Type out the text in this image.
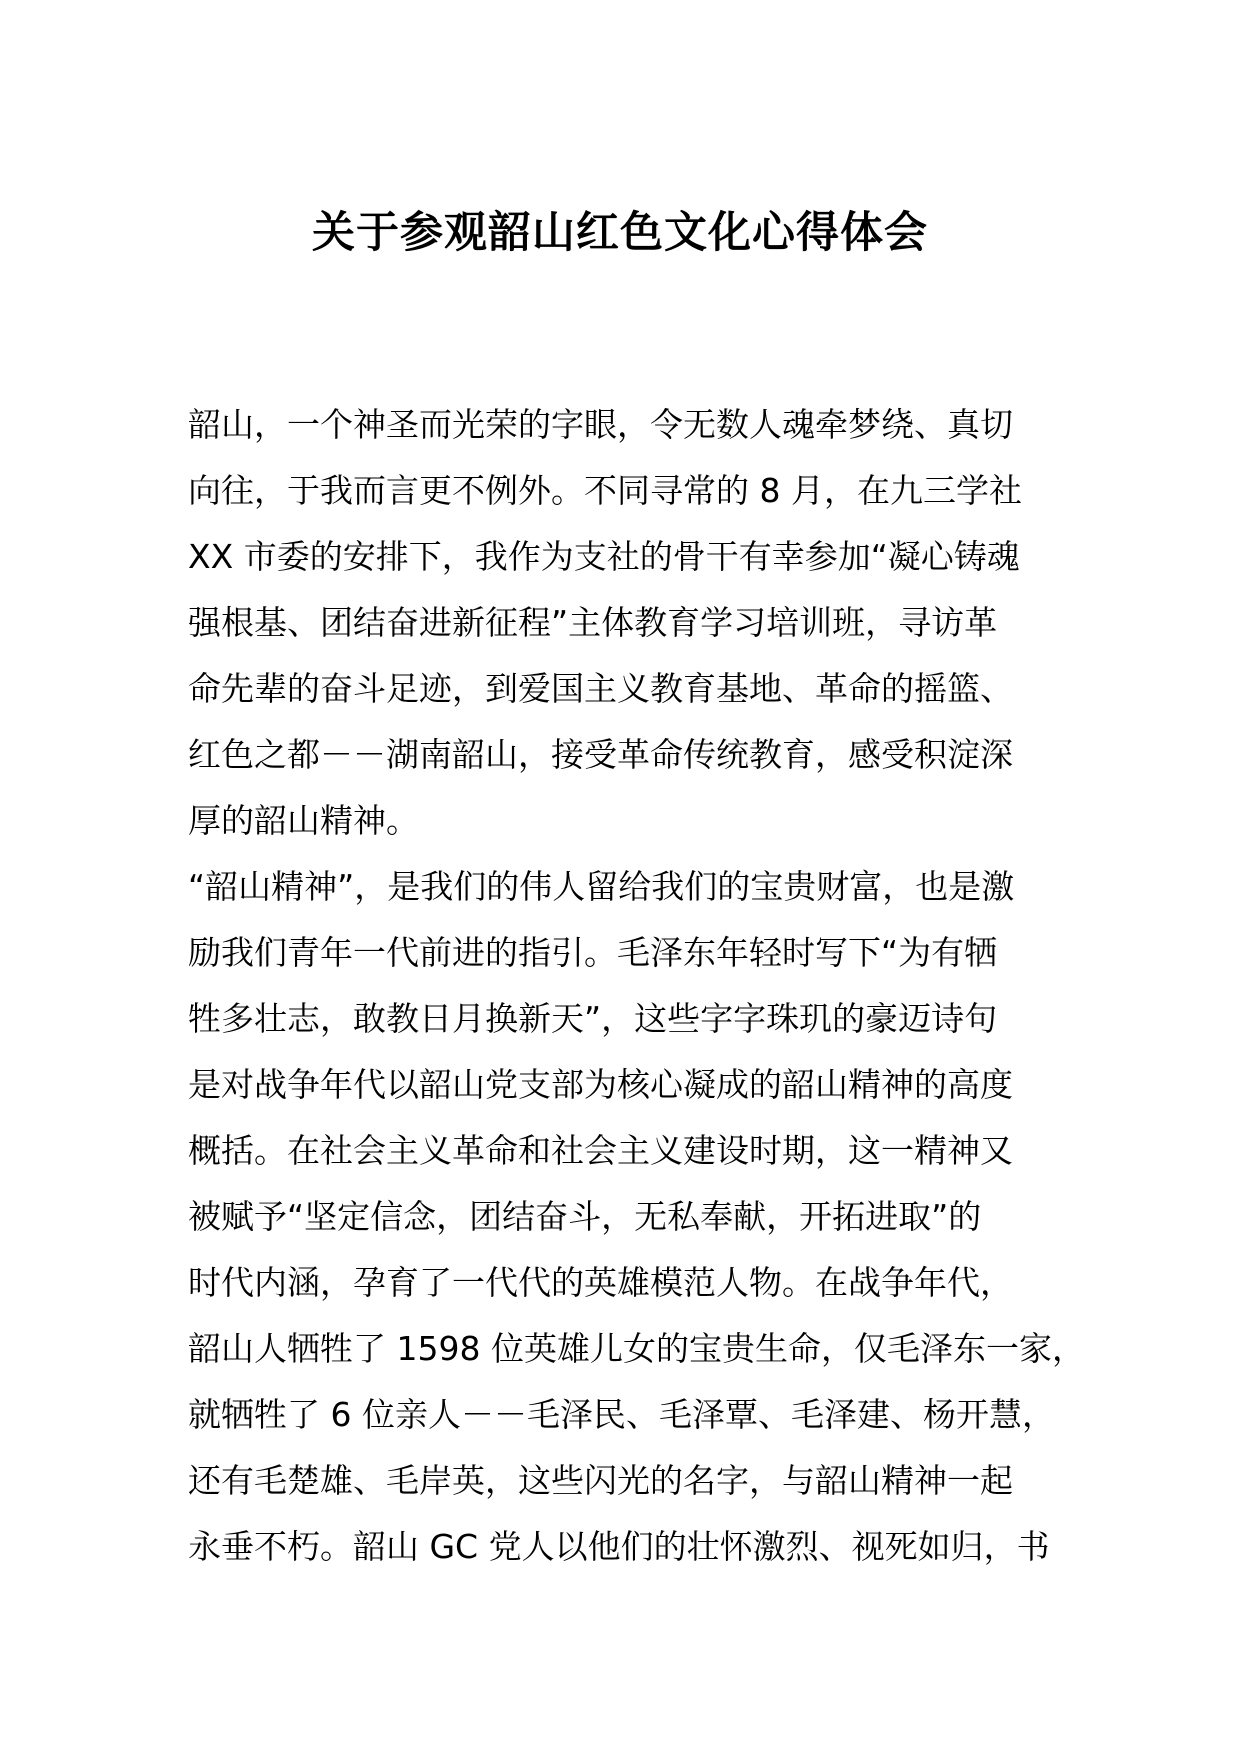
关于参观韶山红色文化心得体会
韶山，一个神圣而光荣的字眼，令无数人魂牵梦绕、真切
向往，于我而言更不例外。不同寻常的 8 月，在九三学社
XX 市委的安排下，我作为支社的骨干有幸参加“凝心铸魂
强根基、团结奋进新征程”主体教育学习培训班，寻访革
命先辈的奋斗足迹，到爱国主义教育基地、革命的摇篮、
红色之都－－湖南韶山，接受革命传统教育，感受积淀深
厚的韶山精神。
“韶山精神”，是我们的伟人留给我们的宝贵财富，也是激
励我们青年一代前进的指引。毛泽东年轻时写下“为有牺
牲多壮志，敢教日月换新天”，这些字字珠玑的豪迈诗句
是对战争年代以韶山党支部为核心凝成的韶山精神的高度
概括。在社会主义革命和社会主义建设时期，这一精神又
被赋予“坚定信念，团结奋斗，无私奉献，开拓进取”的
时代内涵，孕育了一代代的英雄模范人物。在战争年代，
韶山人牺牲了 1598 位英雄儿女的宝贵生命，仅毛泽东一家，
就牺牲了 6 位亲人－－毛泽民、毛泽覃、毛泽建、杨开慧，
还有毛楚雄、毛岸英，这些闪光的名字，与韶山精神一起
永垂不朽。韶山 GC 党人以他们的壮怀激烈、视死如归，书
